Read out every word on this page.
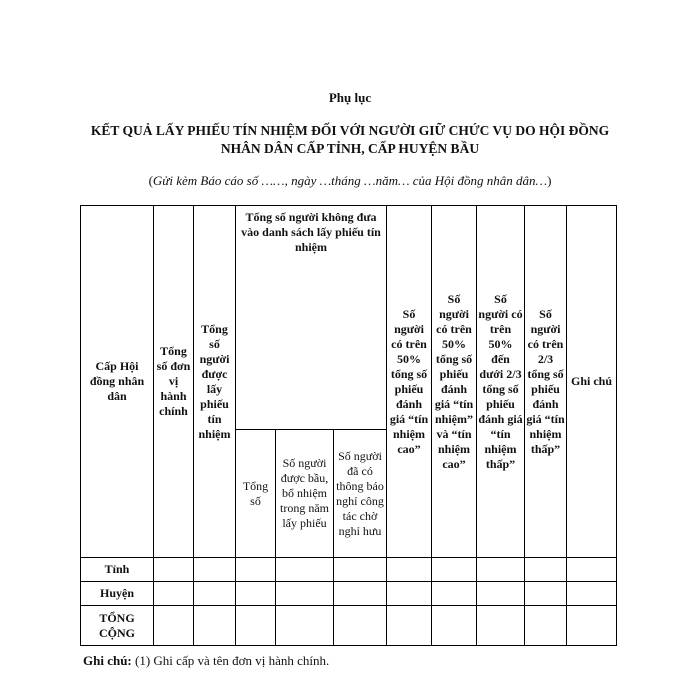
Phụ lục
KẾT QUẢ LẤY PHIẾU TÍN NHIỆM ĐỐI VỚI NGƯỜI GIỮ CHỨC VỤ DO HỘI ĐỒNG NHÂN DÂN CẤP TỈNH, CẤP HUYỆN BẦU
(Gửi kèm Báo cáo số ……, ngày …tháng …năm… của Hội đồng nhân dân…)
Cấp Hội đồng nhân dân	Tổng số đơn vị hành chính	Tổng số người được lấy phiếu tín nhiệm	Tổng số người không đưa vào danh sách lấy phiếu tín nhiệm			Số người có trên 50% tổng số phiếu đánh giá “tín nhiệm cao”	Số người có trên 50% tổng số phiếu đánh giá “tín nhiệm” và “tín nhiệm cao”	Số người có trên 50% đến dưới 2/3 tổng số phiếu đánh giá “tín nhiệm thấp”	Số người có trên 2/3 tổng số phiếu đánh giá “tín nhiệm thấp”	Ghi chú
			Tổng số	Số người được bầu, bổ nhiệm trong năm lấy phiếu	Số người đã có thông báo nghỉ công tác chờ nghỉ hưu					
Tỉnh										
Huyện										
TỔNG CỘNG										
Ghi chú: (1) Ghi cấp và tên đơn vị hành chính.
